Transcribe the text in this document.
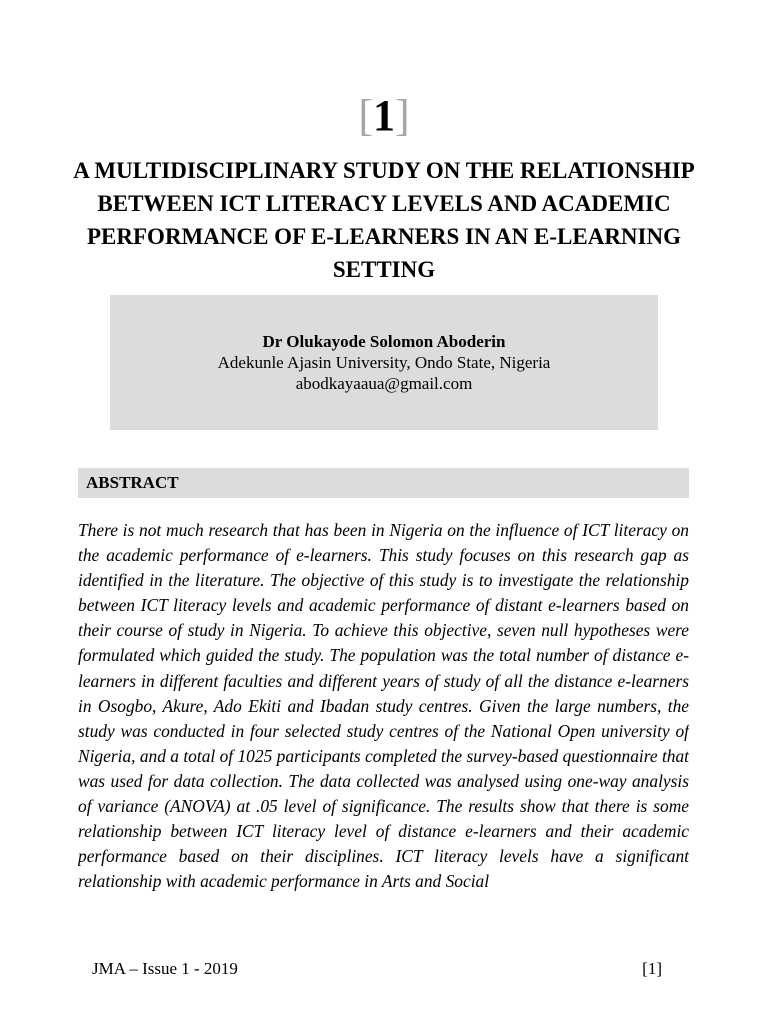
[1]
A MULTIDISCIPLINARY STUDY ON THE RELATIONSHIP BETWEEN ICT LITERACY LEVELS AND ACADEMIC PERFORMANCE OF E-LEARNERS IN AN E-LEARNING SETTING
Dr Olukayode Solomon Aboderin
Adekunle Ajasin University, Ondo State, Nigeria
abodkayaaua@gmail.com
ABSTRACT

There is not much research that has been in Nigeria on the influence of ICT literacy on the academic performance of e-learners. This study focuses on this research gap as identified in the literature. The objective of this study is to investigate the relationship between ICT literacy levels and academic performance of distant e-learners based on their course of study in Nigeria. To achieve this objective, seven null hypotheses were formulated which guided the study. The population was the total number of distance e-learners in different faculties and different years of study of all the distance e-learners in Osogbo, Akure, Ado Ekiti and Ibadan study centres. Given the large numbers, the study was conducted in four selected study centres of the National Open university of Nigeria, and a total of 1025 participants completed the survey-based questionnaire that was used for data collection. The data collected was analysed using one-way analysis of variance (ANOVA) at .05 level of significance. The results show that there is some relationship between ICT literacy level of distance e-learners and their academic performance based on their disciplines. ICT literacy levels have a significant relationship with academic performance in Arts and Social

JMA – Issue 1 - 2019	[1]
